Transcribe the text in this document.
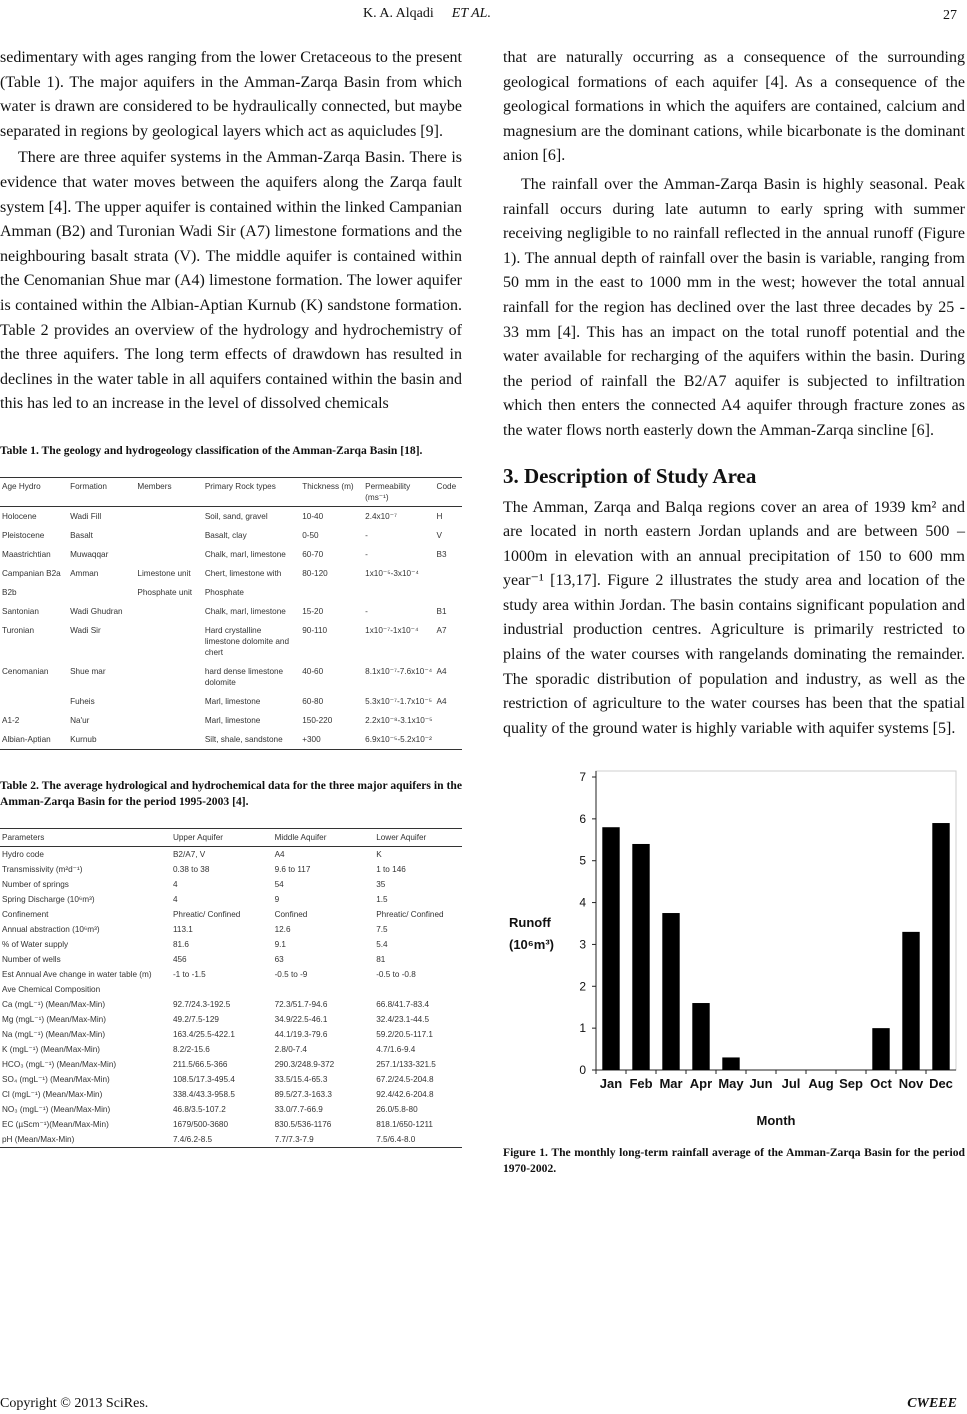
K. A. Alqadi ET AL.	27

sedimentary with ages ranging from the lower Cretaceous to the present (Table 1). The major aquifers in the Amman-Zarqa Basin from which water is drawn are considered to be hydraulically connected, but maybe separated in regions by geological layers which act as aquicludes [9].

There are three aquifer systems in the Amman-Zarqa Basin. There is evidence that water moves between the aquifers along the Zarqa fault system [4]. The upper aquifer is contained within the linked Campanian Amman (B2) and Turonian Wadi Sir (A7) limestone formations and the neighbouring basalt strata (V). The middle aquifer is contained within the Cenomanian Shue mar (A4) limestone formation. The lower aquifer is contained within the Albian-Aptian Kurnub (K) sandstone formation. Table 2 provides an overview of the hydrology and hydrochemistry of the three aquifers. The long term effects of drawdown has resulted in declines in the water table in all aquifers contained within the basin and this has led to an increase in the level of dissolved chemicals

Table 1. The geology and hydrogeology classification of the Amman-Zarqa Basin [18].
Age Hydro	Formation	Members	Primary Rock types	Thickness (m)	Permeability (ms⁻¹)	Code
Holocene	Wadi Fill		Soil, sand, gravel	10-40	2.4x10⁻⁷	H
Pleistocene	Basalt		Basalt, clay	0-50	-	V
Maastrichtian	Muwaqqar		Chalk, marl, limestone	60-70	-	B3
Campanian B2a	Amman	Limestone unit	Chert, limestone with	80-120	1x10⁻⁵-3x10⁻⁴	
B2b		Phosphate unit	Phosphate			
Santonian	Wadi Ghudran		Chalk, marl, limestone	15-20	-	B1
Turonian	Wadi Sir		Hard crystalline limestone dolomite and chert	90-110	1x10⁻⁷-1x10⁻⁴	A7
Cenomanian	Shue mar		hard dense limestone dolomite	40-60	8.1x10⁻⁷-7.6x10⁻⁴	A4
	Fuheis		Marl, limestone	60-80	5.3x10⁻⁷-1.7x10⁻⁵	A4
A1-2	Na'ur		Marl, limestone	150-220	2.2x10⁻⁸-3.1x10⁻⁵	
Albian-Aptian	Kurnub		Silt, shale, sandstone	+300	6.9x10⁻⁵-5.2x10⁻²	
Table 2. The average hydrological and hydrochemical data for the three major aquifers in the Amman-Zarqa Basin for the period 1995-2003 [4].
Parameters	Upper Aquifer	Middle Aquifer	Lower Aquifer
Hydro code	B2/A7, V	A4	K
Transmissivity (m²d⁻¹)	0.38 to 38	9.6 to 117	1 to 146
Number of springs	4	54	35
Spring Discharge (10⁶m³)	4	9	1.5
Confinement	Phreatic/ Confined	Confined	Phreatic/ Confined
Annual abstraction (10⁶m³)	113.1	12.6	7.5
% of Water supply	81.6	9.1	5.4
Number of wells	456	63	81
Est Annual Ave change in water table (m)	-1 to -1.5	-0.5 to -9	-0.5 to -0.8
Ave Chemical Composition			
Ca (mgL⁻¹) (Mean/Max-Min)	92.7/24.3-192.5	72.3/51.7-94.6	66.8/41.7-83.4
Mg (mgL⁻¹) (Mean/Max-Min)	49.2/7.5-129	34.9/22.5-46.1	32.4/23.1-44.5
Na (mgL⁻¹) (Mean/Max-Min)	163.4/25.5-422.1	44.1/19.3-79.6	59.2/20.5-117.1
K (mgL⁻¹) (Mean/Max-Min)	8.2/2-15.6	2.8/0-7.4	4.7/1.6-9.4
HCO₃ (mgL⁻¹) (Mean/Max-Min)	211.5/66.5-366	290.3/248.9-372	257.1/133-321.5
SO₄ (mgL⁻¹) (Mean/Max-Min)	108.5/17.3-495.4	33.5/15.4-65.3	67.2/24.5-204.8
Cl (mgL⁻¹) (Mean/Max-Min)	338.4/43.3-958.5	89.5/27.3-163.3	92.4/42.6-204.8
NO₃ (mgL⁻¹) (Mean/Max-Min)	46.8/3.5-107.2	33.0/7.7-66.9	26.0/5.8-80
EC (µScm⁻¹)(Mean/Max-Min)	1679/500-3680	830.5/536-1176	818.1/650-1211
pH (Mean/Max-Min)	7.4/6.2-8.5	7.7/7.3-7.9	7.5/6.4-8.0

that are naturally occurring as a consequence of the surrounding geological formations of each aquifer [4]. As a consequence of the geological formations in which the aquifers are contained, calcium and magnesium are the dominant cations, while bicarbonate is the dominant anion [6].

The rainfall over the Amman-Zarqa Basin is highly seasonal. Peak rainfall occurs during late autumn to early spring with summer receiving negligible to no rainfall reflected in the annual runoff (Figure 1). The annual depth of rainfall over the basin is variable, ranging from 50 mm in the east to 1000 mm in the west; however the total annual rainfall for the region has declined over the last three decades by 25 - 33 mm [4]. This has an impact on the total runoff potential and the water available for recharging of the aquifers within the basin. During the period of rainfall the B2/A7 aquifer is subjected to infiltration which then enters the connected A4 aquifer through fracture zones as the water flows north easterly down the Amman-Zarqa sincline [6].

3. Description of Study Area

The Amman, Zarqa and Balqa regions cover an area of 1939 km² and are located in north eastern Jordan uplands and are between 500 – 1000m in elevation with an annual precipitation of 150 to 600 mm year⁻¹ [13,17]. Figure 2 illustrates the study area and location of the study area within Jordan. The basin contains significant population and industrial production centres. Agriculture is primarily restricted to plains of the water courses with rangelands dominating the remainder. The sporadic distribution of population and industry, as well as the restriction of agriculture to the water courses has been that the spatial quality of the ground water is highly variable with aquifer systems [5].

0
1
2
3
4
5
6
7
Jan Feb Mar Apr May Jun Jul Aug Sep Oct Nov Dec
Runoff
(10⁶m³)
Month
Figure 1. The monthly long-term rainfall average of the Amman-Zarqa Basin for the period 1970-2002.
Copyright © 2013 SciRes.	CWEEE
